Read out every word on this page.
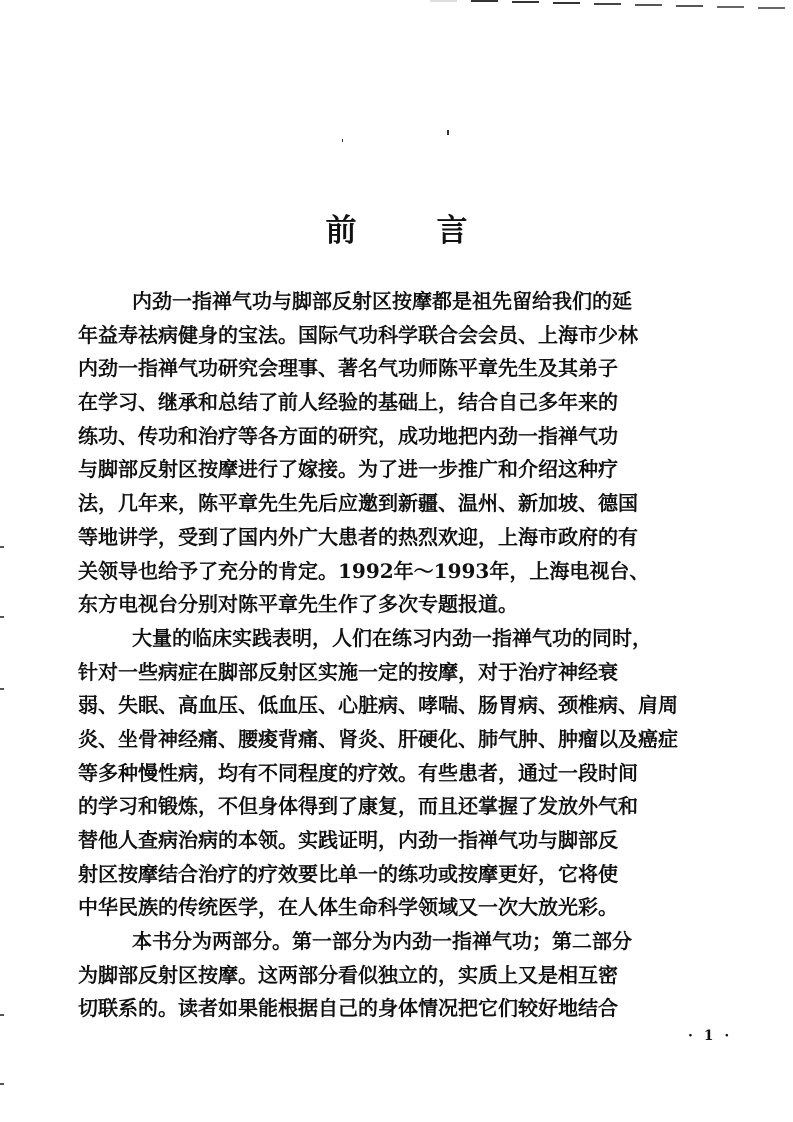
前	言
内劲一指禅气功与脚部反射区按摩都是祖先留给我们的延
年益寿祛病健身的宝法。国际气功科学联合会会员、上海市少林
内劲一指禅气功研究会理事、著名气功师陈平章先生及其弟子
在学习、继承和总结了前人经验的基础上，结合自己多年来的
练功、传功和治疗等各方面的研究，成功地把内劲一指禅气功
与脚部反射区按摩进行了嫁接。为了进一步推广和介绍这种疗
法，几年来，陈平章先生先后应邀到新疆、温州、新加坡、德国
等地讲学，受到了国内外广大患者的热烈欢迎，上海市政府的有
关领导也给予了充分的肯定。1992年～1993年，上海电视台、
东方电视台分别对陈平章先生作了多次专题报道。
大量的临床实践表明，人们在练习内劲一指禅气功的同时，
针对一些病症在脚部反射区实施一定的按摩，对于治疗神经衰
弱、失眠、高血压、低血压、心脏病、哮喘、肠胃病、颈椎病、肩周
炎、坐骨神经痛、腰痠背痛、肾炎、肝硬化、肺气肿、肿瘤以及癌症
等多种慢性病，均有不同程度的疗效。有些患者，通过一段时间
的学习和锻炼，不但身体得到了康复，而且还掌握了发放外气和
替他人查病治病的本领。实践证明，内劲一指禅气功与脚部反
射区按摩结合治疗的疗效要比单一的练功或按摩更好，它将使
中华民族的传统医学，在人体生命科学领域又一次大放光彩。
本书分为两部分。第一部分为内劲一指禅气功；第二部分
为脚部反射区按摩。这两部分看似独立的，实质上又是相互密
切联系的。读者如果能根据自己的身体情况把它们较好地结合
· 1 ·
